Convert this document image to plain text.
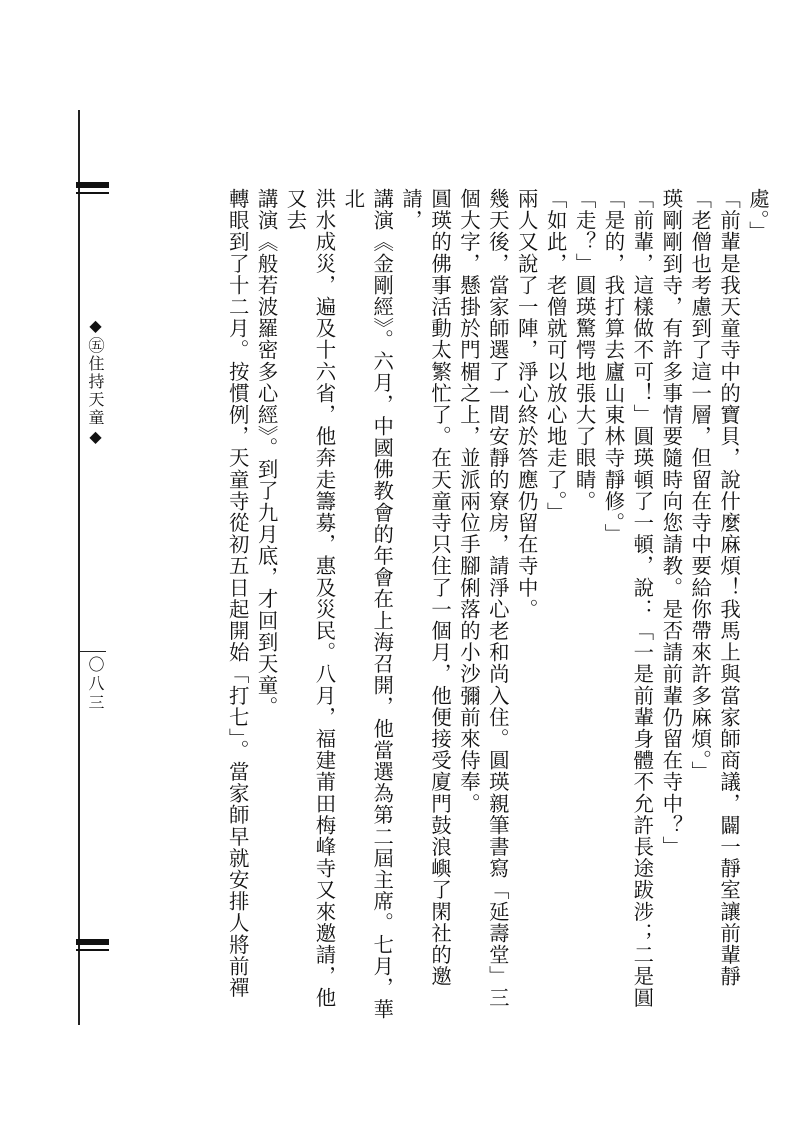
◆㊄住持天童◆
〇八三

處。」

「前輩是我天童寺中的寶貝，說什麼麻煩！我馬上與當家師商議，闢一靜室讓前輩靜

「老僧也考慮到了這一層，但留在寺中要給你帶來許多麻煩。」

瑛剛剛到寺，有許多事情要隨時向您請教。是否請前輩仍留在寺中？」

「前輩，這樣做不可！」圓瑛頓了一頓，說：「一是前輩身體不允許長途跋涉；二是圓

「是的，我打算去廬山東林寺靜修。」

「走？」圓瑛驚愕地張大了眼睛。

「如此，老僧就可以放心地走了。」

兩人又說了一陣，淨心終於答應仍留在寺中。

幾天後，當家師選了一間安靜的寮房，請淨心老和尚入住。圓瑛親筆書寫「延壽堂」三

個大字，懸掛於門楣之上，並派兩位手腳俐落的小沙彌前來侍奉。

圓瑛的佛事活動太繁忙了。在天童寺只住了一個月，他便接受廈門鼓浪嶼了閑社的邀請，

講演《金剛經》。六月，中國佛教會的年會在上海召開，他當選為第二屆主席。七月，華北

洪水成災，遍及十六省，他奔走籌募，惠及災民。八月，福建莆田梅峰寺又來邀請，他又去

講演《般若波羅密多心經》。到了九月底，才回到天童。

轉眼到了十二月。按慣例，天童寺從初五日起開始「打七」。當家師早就安排人將前禪
